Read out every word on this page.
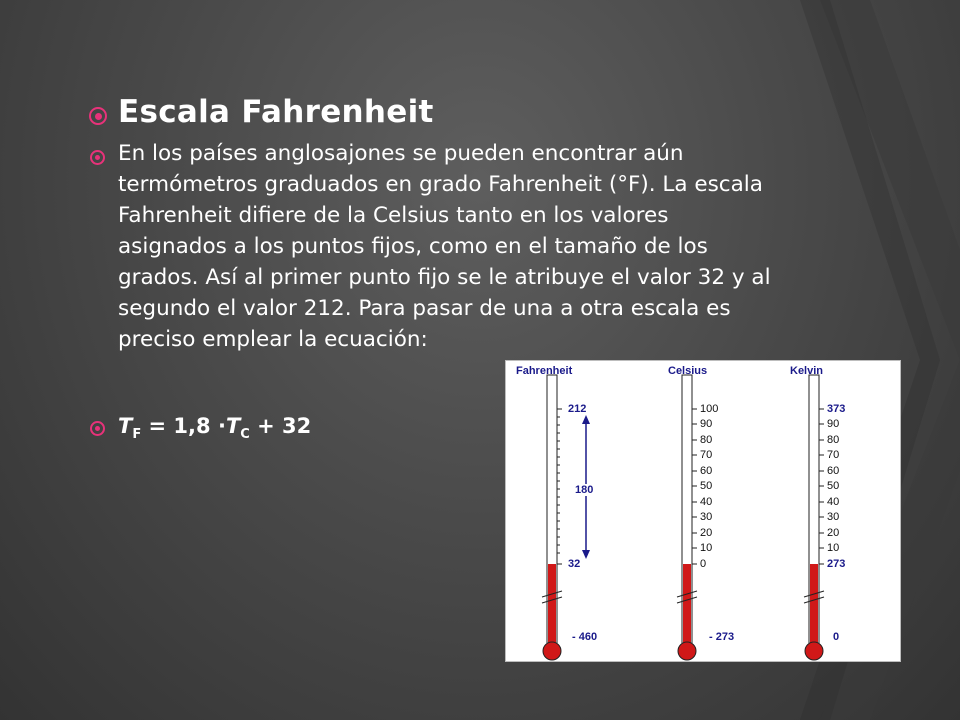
Escala Fahrenheit
En los países anglosajones se pueden encontrar aún
termómetros graduados en grado Fahrenheit (°F). La escala
Fahrenheit difiere de la Celsius tanto en los valores
asignados a los puntos fijos, como en el tamaño de los
grados. Así al primer punto fijo se le atribuye el valor 32 y al
segundo el valor 212. Para pasar de una a otra escala es
preciso emplear la ecuación:
$T_F = 1,8 \cdot T_C + 32$
Fahrenheit	Celsius	Kelvin
212
180
32
- 460
100
90
80
70
60
50
40
30
20
10
0
- 273
373
90
80
70
60
50
40
30
20
10
273
0
